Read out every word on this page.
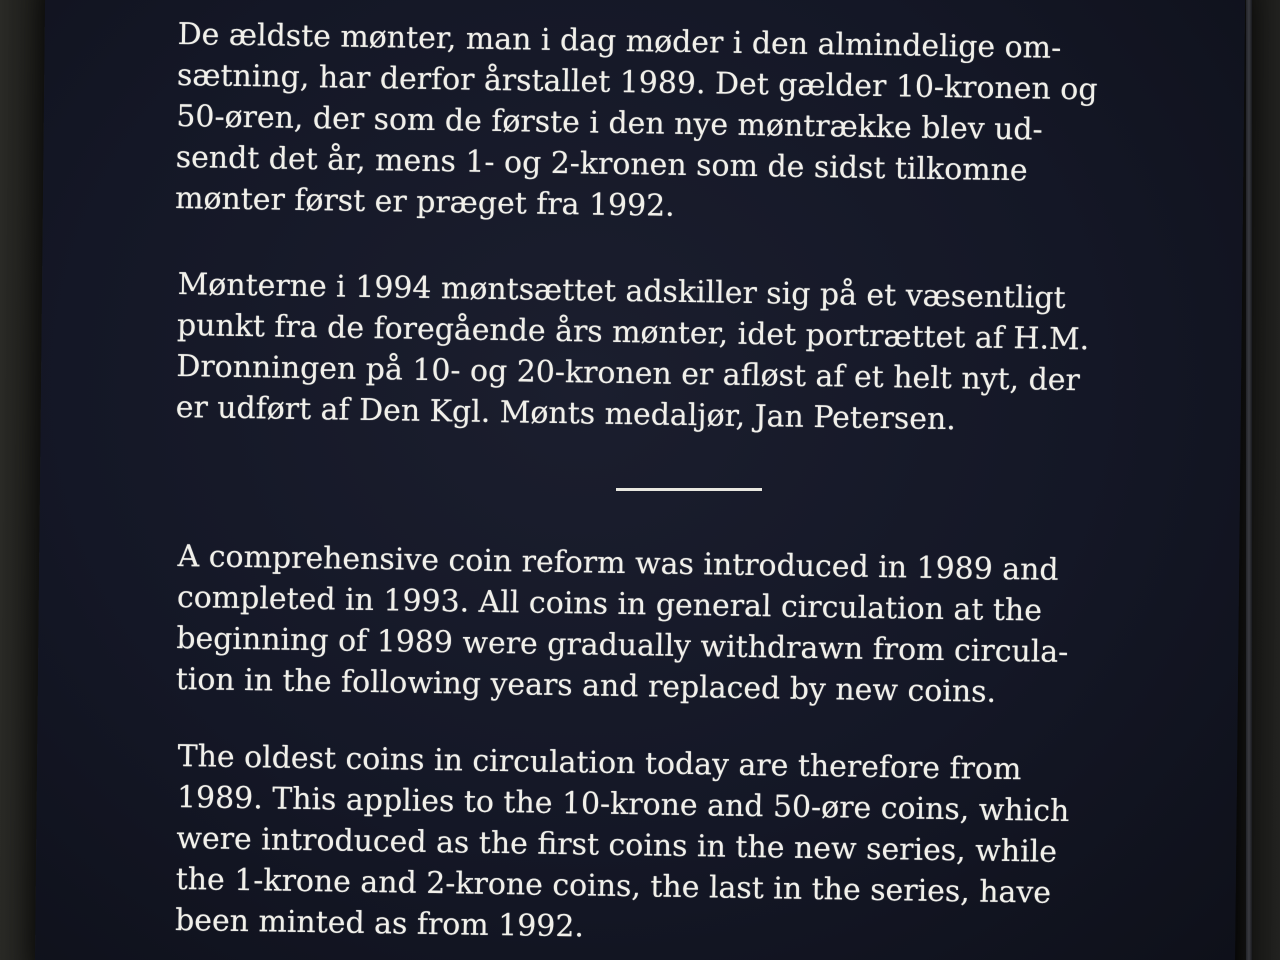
De ældste mønter, man i dag møder i den almindelige om-
sætning, har derfor årstallet 1989. Det gælder 10-kronen og
50-øren, der som de første i den nye møntrække blev ud-
sendt det år, mens 1- og 2-kronen som de sidst tilkomne
mønter først er præget fra 1992.

Mønterne i 1994 møntsættet adskiller sig på et væsentligt
punkt fra de foregående års mønter, idet portrættet af H.M.
Dronningen på 10- og 20-kronen er afløst af et helt nyt, der
er udført af Den Kgl. Mønts medaljør, Jan Petersen.

A comprehensive coin reform was introduced in 1989 and
completed in 1993. All coins in general circulation at the
beginning of 1989 were gradually withdrawn from circula-
tion in the following years and replaced by new coins.

The oldest coins in circulation today are therefore from
1989. This applies to the 10-krone and 50-øre coins, which
were introduced as the first coins in the new series, while
the 1-krone and 2-krone coins, the last in the series, have
been minted as from 1992.
